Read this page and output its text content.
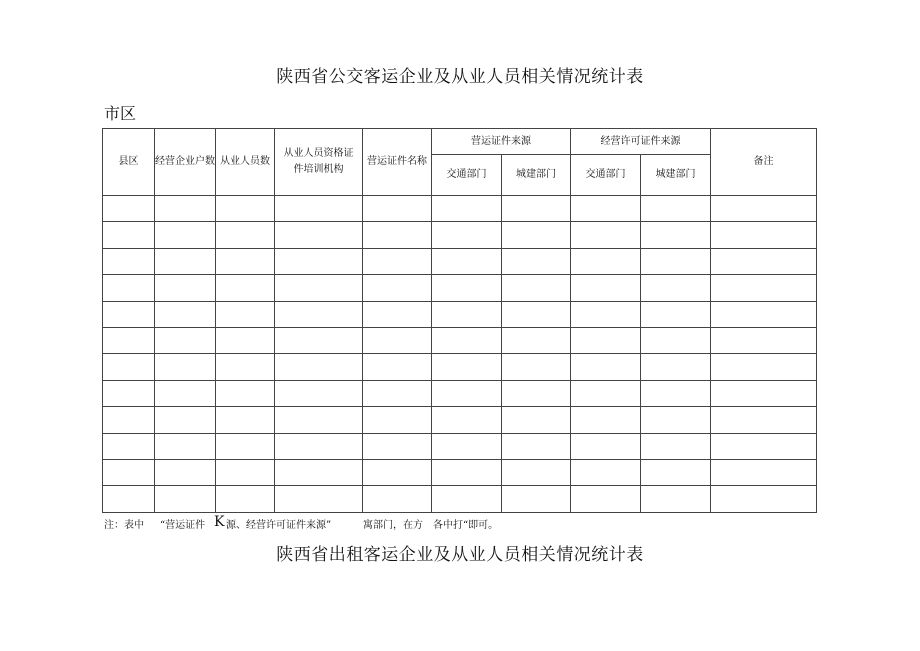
陕西省公交客运企业及从业人员相关情况统计表
市区
县区	经营企业户数	从业人员数	从业人员资格证件培训机构	营运证件名称	营运证件来源		经营许可证件来源		备注
					交通部门	城建部门	交通部门	城建部门	

注：表中 “营运证件 K 源、经营许可证件来源”	寓部门，在方 各中打“即可。
陕西省出租客运企业及从业人员相关情况统计表
